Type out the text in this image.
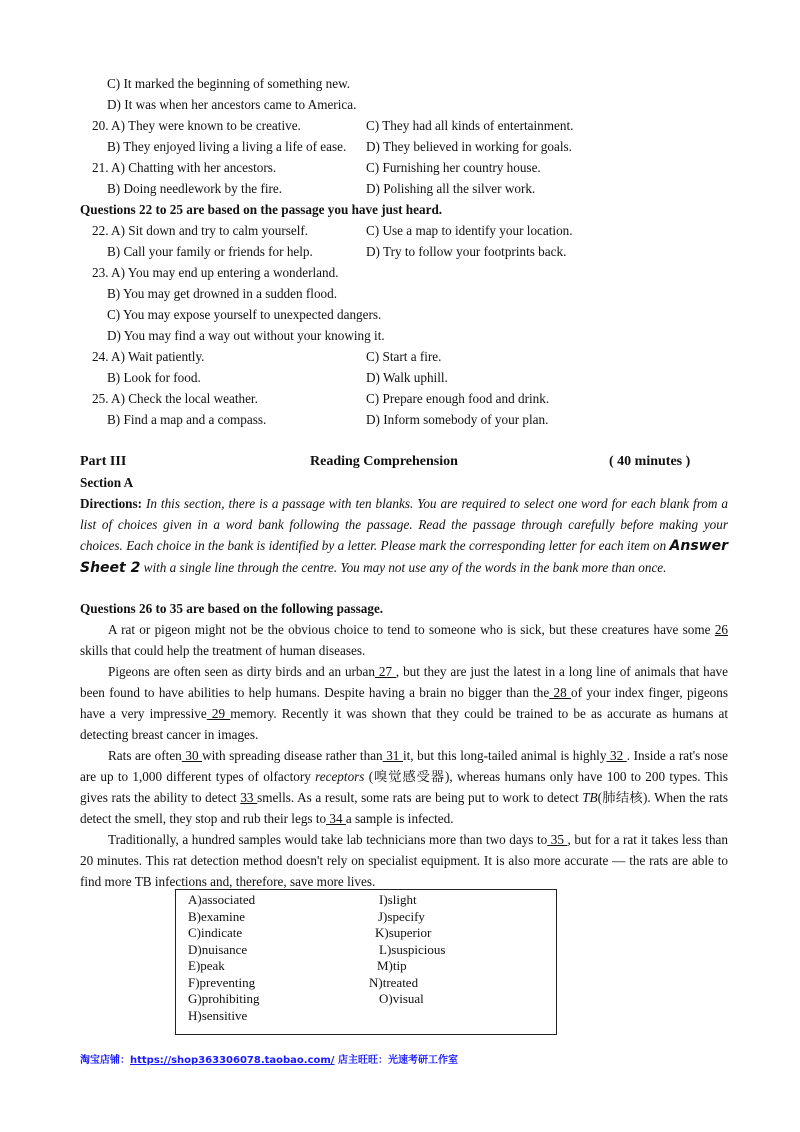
C) It marked the beginning of something new.
D) It was when her ancestors came to America.
20. A) They were known to be creative.	C) They had all kinds of entertainment.
B) They enjoyed living a living a life of ease. D) They believed in working for goals.
21. A) Chatting with her ancestors.	C) Furnishing her country house.
B) Doing needlework by the fire.	D) Polishing all the silver work.
Questions 22 to 25 are based on the passage you have just heard.
22. A) Sit down and try to calm yourself.	C) Use a map to identify your location.
B) Call your family or friends for help.	D) Try to follow your footprints back.
23. A) You may end up entering a wonderland.
B) You may get drowned in a sudden flood.
C) You may expose yourself to unexpected dangers.
D) You may find a way out without your knowing it.
24. A) Wait patiently.	C) Start a fire.
B) Look for food.	D) Walk uphill.
25. A) Check the local weather.	C) Prepare enough food and drink.
B) Find a map and a compass.	D) Inform somebody of your plan.
Part III	Reading Comprehension	( 40 minutes )
Section A
Directions: In this section, there is a passage with ten blanks. You are required to select one word for each blank from a list of choices given in a word bank following the passage. Read the passage through carefully before making your choices. Each choice in the bank is identified by a letter. Please mark the corresponding letter for each item on Answer Sheet 2 with a single line through the centre. You may not use any of the words in the bank more than once.
Questions 26 to 35 are based on the following passage.
A rat or pigeon might not be the obvious choice to tend to someone who is sick, but these creatures have some 26 skills that could help the treatment of human diseases.
Pigeons are often seen as dirty birds and an urban 27 , but they are just the latest in a long line of animals that have been found to have abilities to help humans. Despite having a brain no bigger than the 28 of your index finger, pigeons have a very impressive 29 memory. Recently it was shown that they could be trained to be as accurate as humans at detecting breast cancer in images.
Rats are often 30 with spreading disease rather than 31 it, but this long-tailed animal is highly 32 . Inside a rat's nose are up to 1,000 different types of olfactory receptors (嗅觉感受器), whereas humans only have 100 to 200 types. This gives rats the ability to detect 33 smells. As a result, some rats are being put to work to detect TB(肺结核). When the rats detect the smell, they stop and rub their legs to 34 a sample is infected.
Traditionally, a hundred samples would take lab technicians more than two days to 35 , but for a rat it takes less than 20 minutes. This rat detection method doesn't rely on specialist equipment. It is also more accurate — the rats are able to find more TB infections and, therefore, save more lives.
A)associated
B)examine
C)indicate
D)nuisance
E)peak
F)preventing
G)prohibiting
H)sensitive
I)slight
J)specify
K)superior
L)suspicious
M)tip
N)treated
O)visual
淘宝店铺：https://shop363306078.taobao.com/ 店主旺旺：光速考研工作室
